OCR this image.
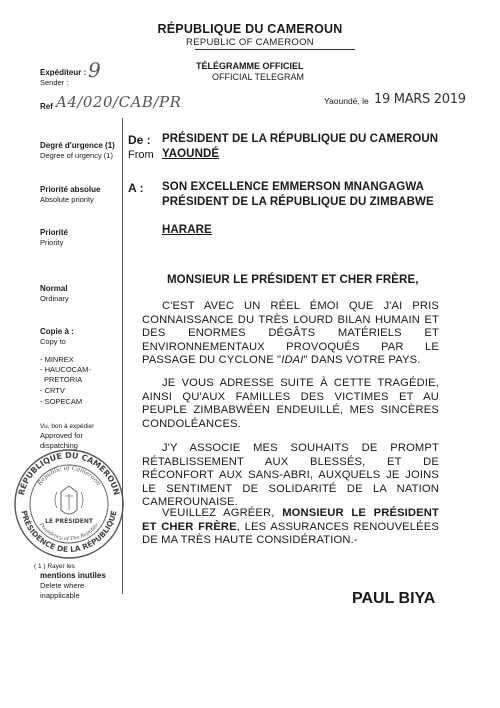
RÉPUBLIQUE DU CAMEROUN
REPUBLIC OF CAMEROON
TÉLÉGRAMME OFFICIEL
OFFICIAL TELEGRAM
Yaoundé, le 19 MARS 2019
Expéditeur :
Sender :
9
Ref A4/020/CAB/PR
Degré d'urgence (1)
Degree of urgency (1)
Priorité absolue
Absolute priority
Priorité
Priority
Normal
Ordinary
Copie à :
Copy to
- MINREX
- HAUCOCAM-
PRETORIA
- CRTV
- SOPECAM
Vu, bon à expédier
Approved for
dispatching
( 1 ) Rayer les
mentions inutiles
Delete where
inapplicable
RÉPUBLIQUE DU CAMEROUN
PRÉSIDENCE DE LA RÉPUBLIQUE
Republic of Cameroon
Presidency of The Republic
LE PRÉSIDENT
De :
From
PRÉSIDENT DE LA RÉPUBLIQUE DU CAMEROUN
YAOUNDÉ
A : SON EXCELLENCE EMMERSON MNANGAGWA
PRÉSIDENT DE LA RÉPUBLIQUE DU ZIMBABWE
HARARE
MONSIEUR LE PRÉSIDENT ET CHER FRÈRE,
C'EST AVEC UN RÉEL ÉMOI QUE J'AI PRIS CONNAISSANCE DU TRÈS LOURD BILAN HUMAIN ET DES ENORMES DÉGÂTS MATÉRIELS ET ENVIRONNEMENTAUX PROVOQUÉS PAR LE PASSAGE DU CYCLONE "IDAI" DANS VOTRE PAYS.
JE VOUS ADRESSE SUITE À CETTE TRAGÉDIE, AINSI QU'AUX FAMILLES DES VICTIMES ET AU PEUPLE ZIMBABWÉEN ENDEUILLÉ, MES SINCÈRES CONDOLÉANCES.
J'Y ASSOCIE MES SOUHAITS DE PROMPT RÉTABLISSEMENT AUX BLESSÉS, ET DE RÉCONFORT AUX SANS-ABRI, AUXQUELS JE JOINS LE SENTIMENT DE SOLIDARITÉ DE LA NATION CAMEROUNAISE.
VEUILLEZ AGRÉER, MONSIEUR LE PRÉSIDENT ET CHER FRÈRE, LES ASSURANCES RENOUVELÉES DE MA TRÈS HAUTE CONSIDÉRATION.-
PAUL BIYA
